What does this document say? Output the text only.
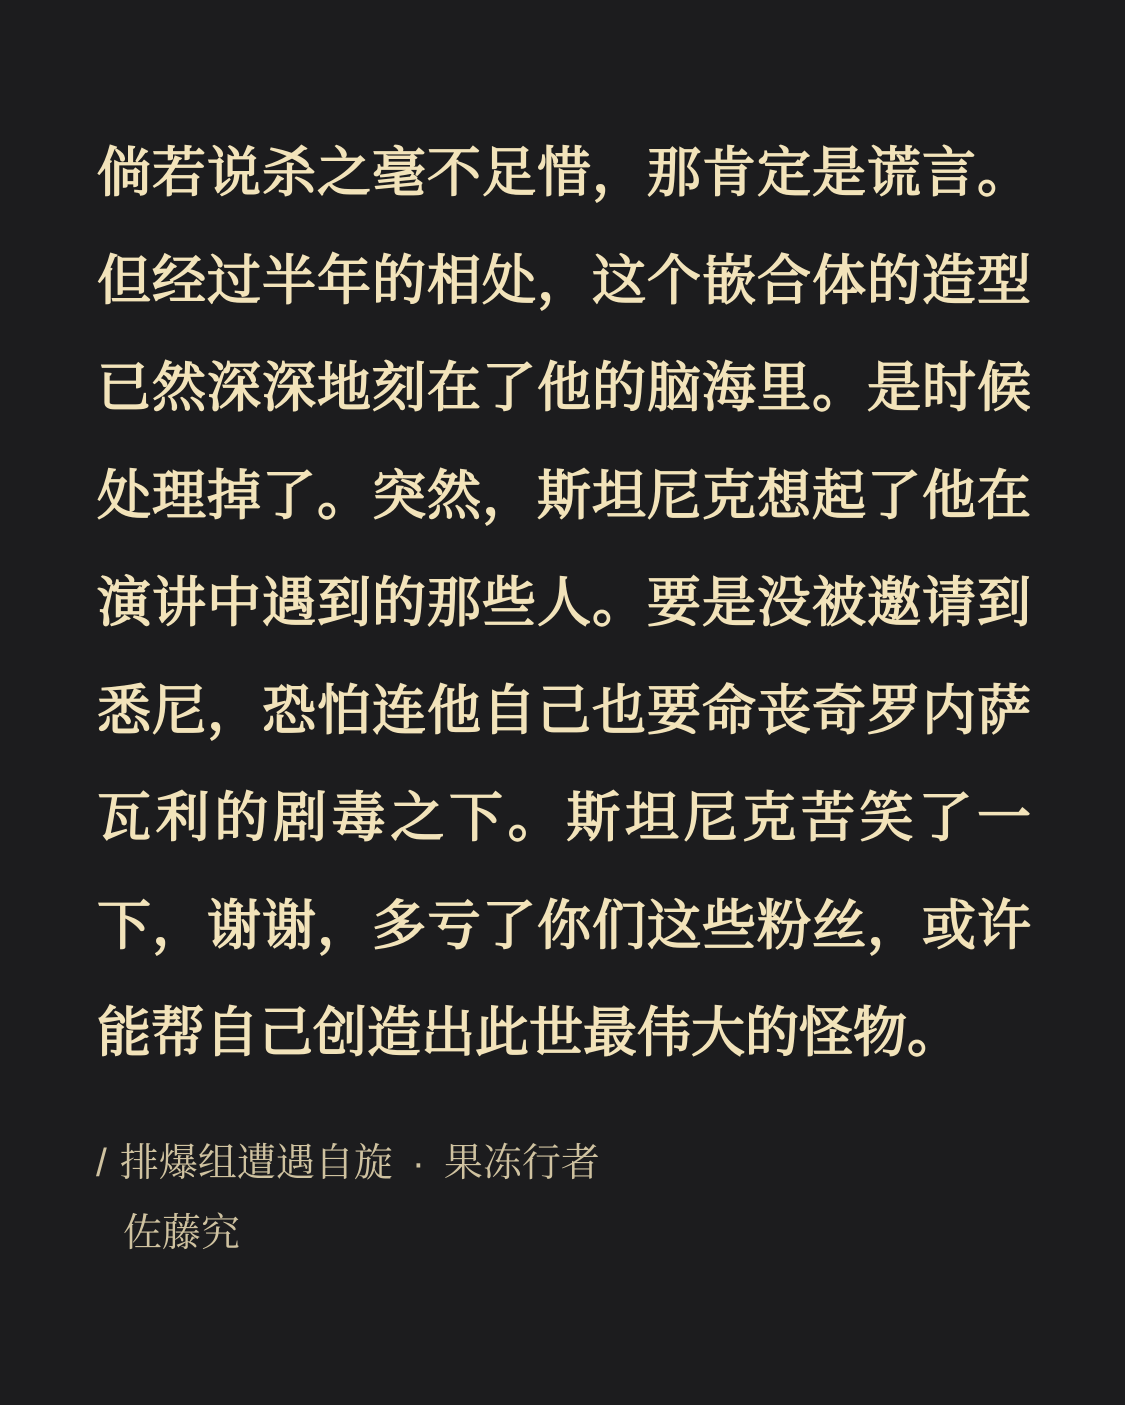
倘若说杀之毫不足惜，那肯定是谎言。
但经过半年的相处，这个嵌合体的造型
已然深深地刻在了他的脑海里。是时候
处理掉了。突然，斯坦尼克想起了他在
演讲中遇到的那些人。要是没被邀请到
悉尼，恐怕连他自己也要命丧奇罗内萨
瓦利的剧毒之下。斯坦尼克苦笑了一
下，谢谢，多亏了你们这些粉丝，或许
能帮自己创造出此世最伟大的怪物。
/ 排爆组遭遇自旋 · 果冻行者
佐藤究
